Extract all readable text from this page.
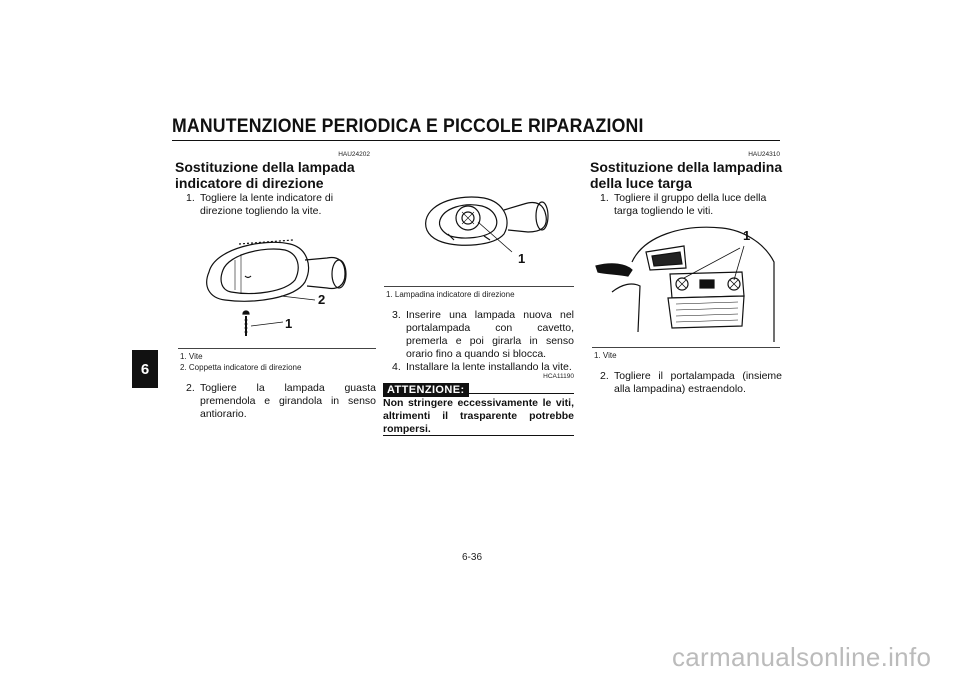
MANUTENZIONE PERIODICA E PICCOLE RIPARAZIONI
6
HAU24202
Sostituzione della lampada
indicatore di direzione
1. Togliere la lente indicatore di direzione togliendo la vite.
2
1
1. Vite
2. Coppetta indicatore di direzione
2. Togliere la lampada guasta premendola e girandola in senso antiorario.
1
1. Lampadina indicatore di direzione
3. Inserire una lampada nuova nel portalampada con cavetto, premerla e poi girarla in senso orario fino a quando si blocca.
4. Installare la lente installando la vite.
HCA11190
ATTENZIONE:
Non stringere eccessivamente le viti, altrimenti il trasparente potrebbe rompersi.
HAU24310
Sostituzione della lampadina
della luce targa
1. Togliere il gruppo della luce della targa togliendo le viti.
1
1. Vite
2. Togliere il portalampada (insieme alla lampadina) estraendolo.
6-36
carmanualsonline.info
